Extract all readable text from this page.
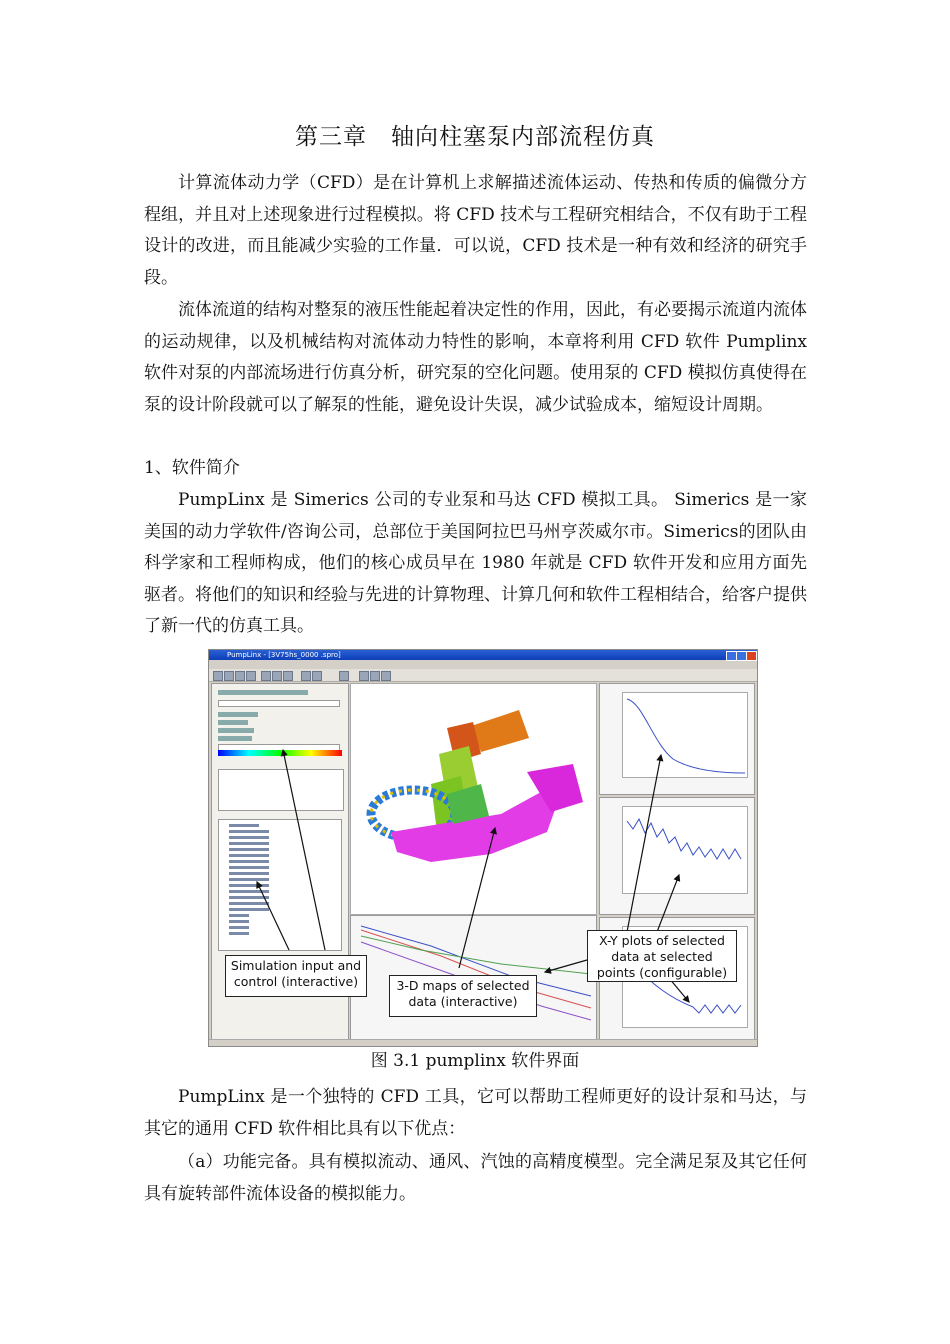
第三章　轴向柱塞泵内部流程仿真

计算流体动力学（CFD）是在计算机上求解描述流体运动、传热和传质的偏微分方程组，并且对上述现象进行过程模拟。将 CFD 技术与工程研究相结合，不仅有助于工程设计的改进，而且能减少实验的工作量．可以说，CFD 技术是一种有效和经济的研究手段。

流体流道的结构对整泵的液压性能起着决定性的作用，因此，有必要揭示流道内流体的运动规律，以及机械结构对流体动力特性的影响，本章将利用 CFD 软件 Pumplinx 软件对泵的内部流场进行仿真分析，研究泵的空化问题。使用泵的 CFD 模拟仿真使得在泵的设计阶段就可以了解泵的性能，避免设计失误，减少试验成本，缩短设计周期。

1、软件简介

PumpLinx 是 Simerics 公司的专业泵和马达 CFD 模拟工具。 Simerics 是一家美国的动力学软件/咨询公司，总部位于美国阿拉巴马州亨茨威尔市。Simerics的团队由科学家和工程师构成，他们的核心成员早在 1980 年就是 CFD 软件开发和应用方面先驱者。将他们的知识和经验与先进的计算物理、计算几何和软件工程相结合，给客户提供了新一代的仿真工具。

PumpLinx - [3V75hs_0000 .spro]
Simulation input and control (interactive)	3-D maps of selected data (interactive)
X-Y plots of selected data at selected points (configurable)
图 3.1 pumplinx 软件界面

PumpLinx 是一个独特的 CFD 工具，它可以帮助工程师更好的设计泵和马达，与其它的通用 CFD 软件相比具有以下优点：

（a）功能完备。具有模拟流动、通风、汽蚀的高精度模型。完全满足泵及其它任何具有旋转部件流体设备的模拟能力。
